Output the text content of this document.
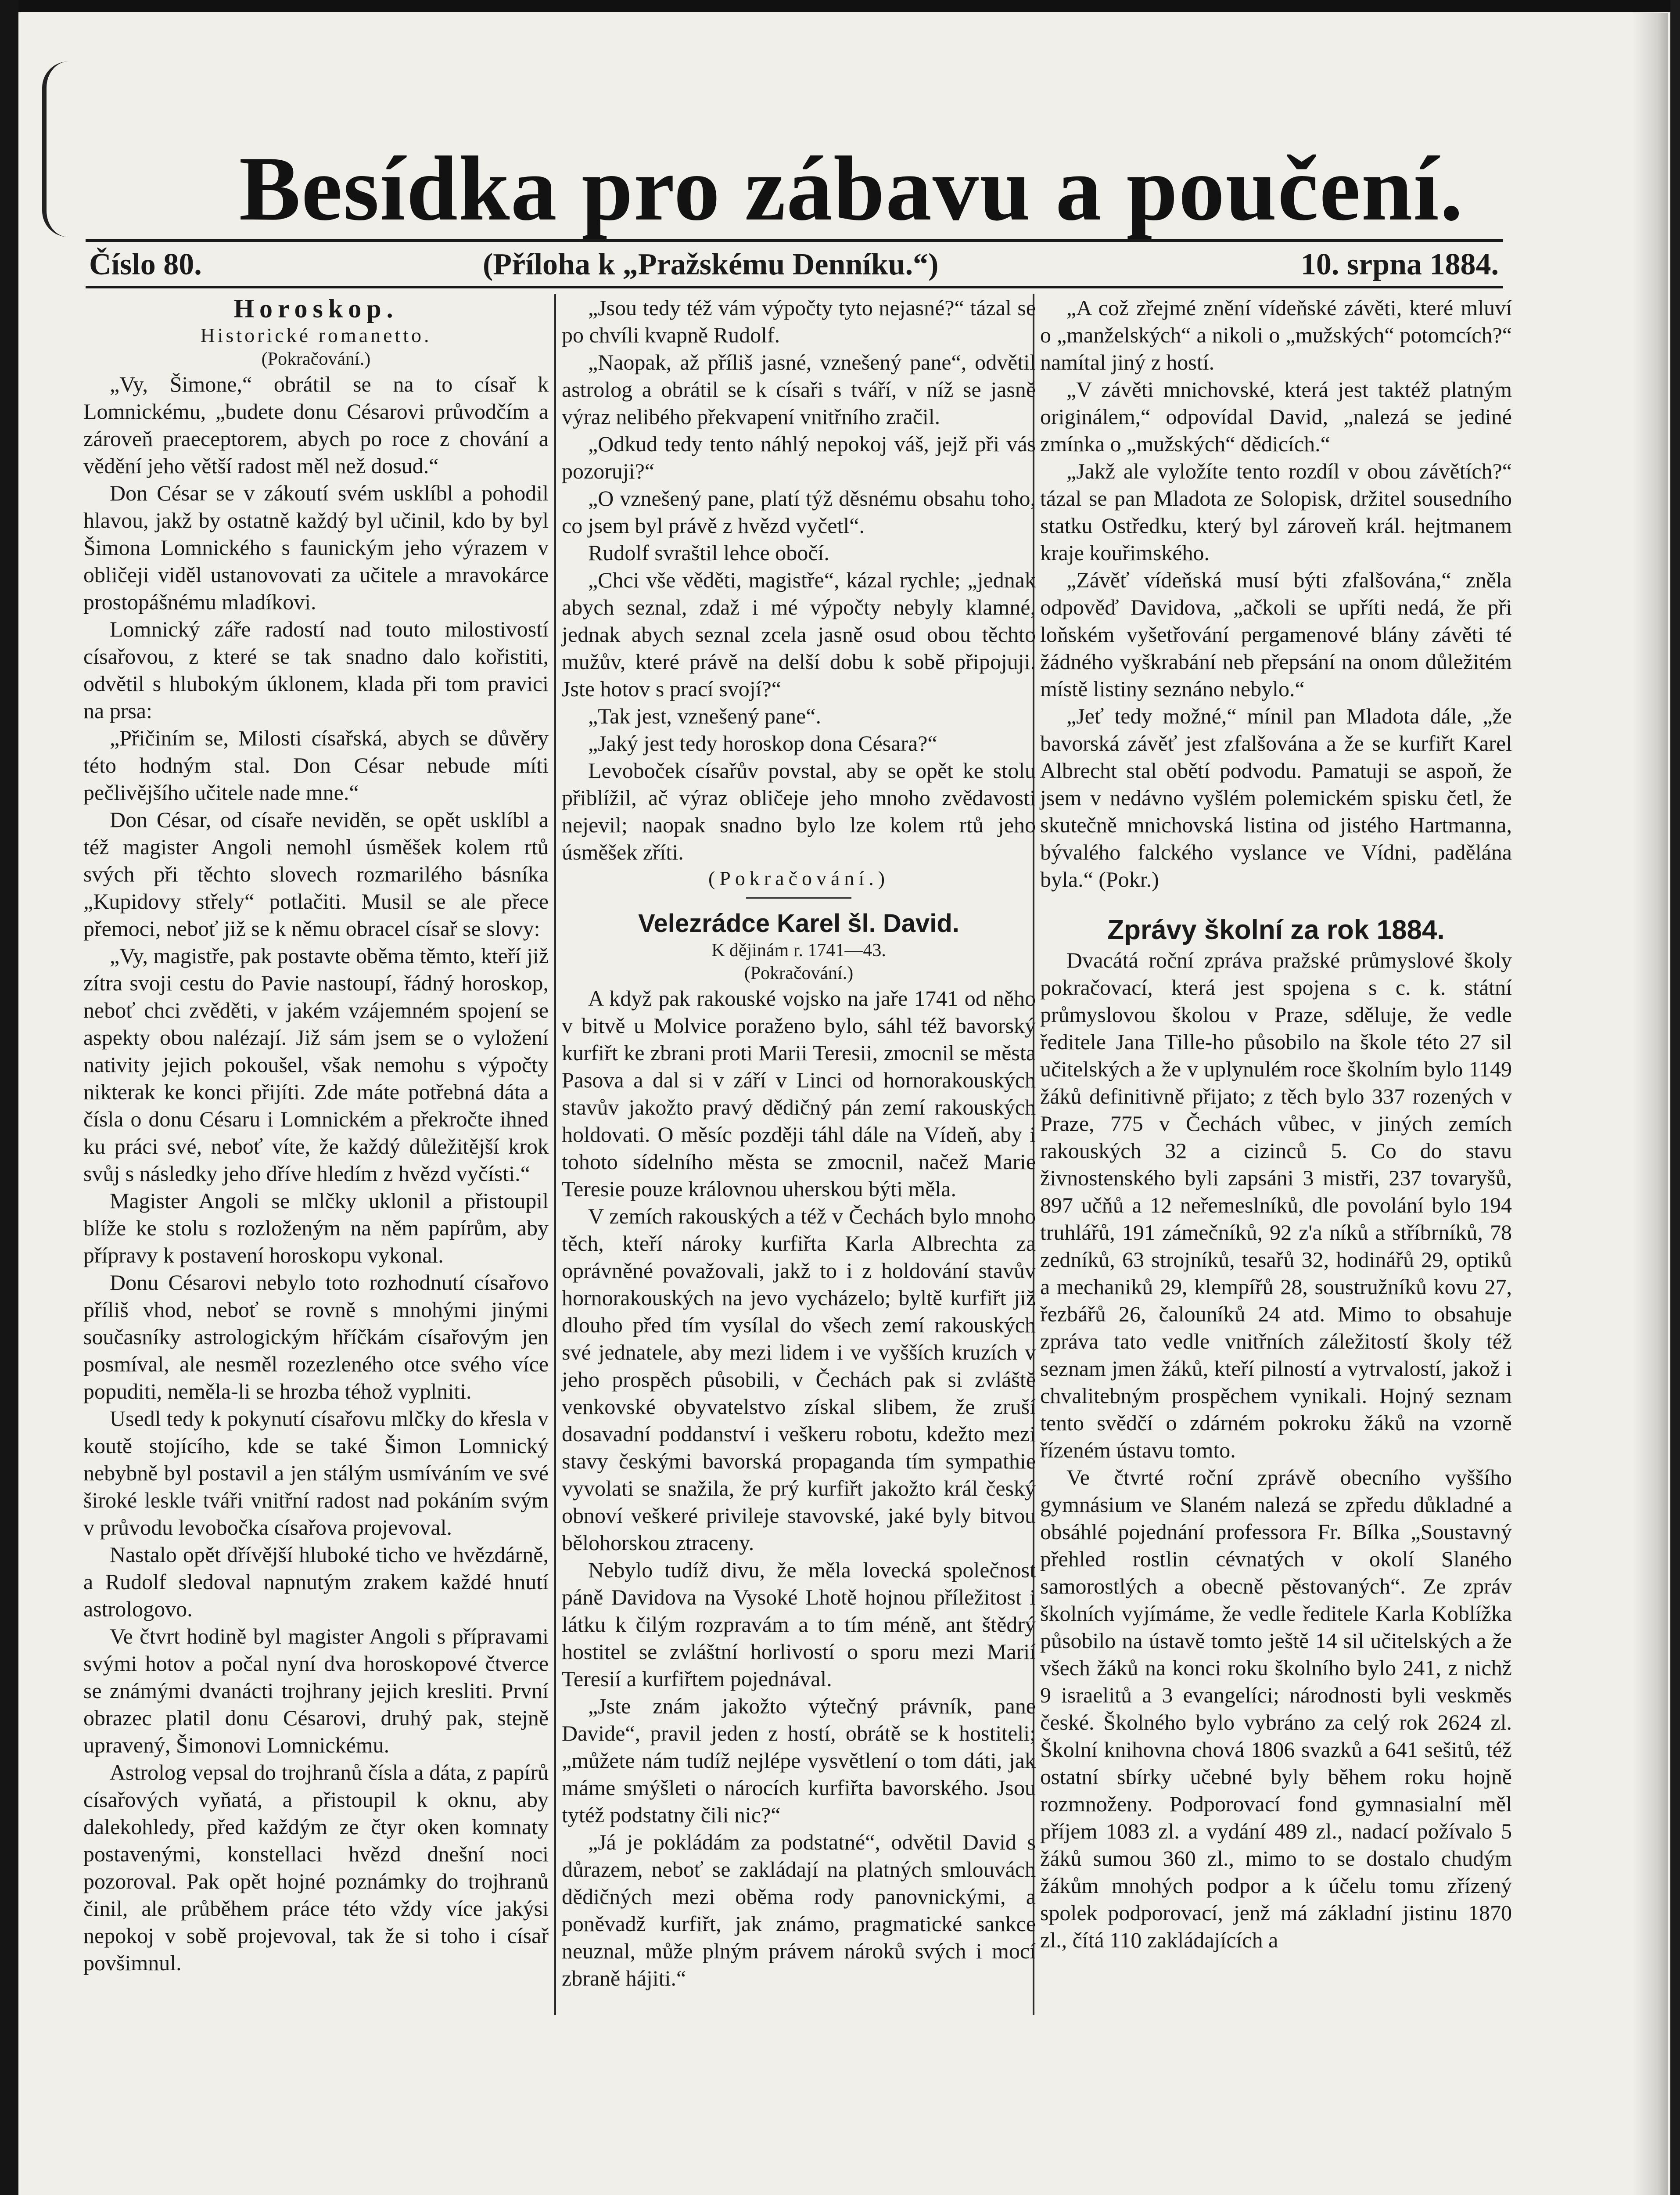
Besídka pro zábavu a poučení.
Číslo 80.	(Příloha k „Pražskému Denníku.“)	10. srpna 1884.
Horoskop.
Historické romanetto.
(Pokračování.)

„Vy, Šimone,“ obrátil se na to císař k Lomnickému, „budete donu Césarovi průvodčím a zároveň praeceptorem, abych po roce z chování a vědění jeho větší radost měl než dosud.“

Don César se v zákoutí svém usklíbl a pohodil hlavou, jakž by ostatně každý byl učinil, kdo by byl Šimona Lomnického s faunickým jeho výrazem v obličeji viděl ustanovovati za učitele a mravokárce prostopášnému mladíkovi.

Lomnický záře radostí nad touto milostivostí císařovou, z které se tak snadno dalo kořistiti, odvětil s hlubokým úklonem, klada při tom pravici na prsa:

„Přičiním se, Milosti císařská, abych se důvěry této hodným stal. Don César nebude míti pečlivějšího učitele nade mne.“

Don César, od císaře neviděn, se opět usklíbl a též magister Angoli nemohl úsměšek kolem rtů svých při těchto slovech rozmarilého básníka „Kupidovy střely“ potlačiti. Musil se ale přece přemoci, neboť již se k němu obracel císař se slovy:

„Vy, magistře, pak postavte oběma těmto, kteří již zítra svoji cestu do Pavie nastoupí, řádný horoskop, neboť chci zvěděti, v jakém vzájemném spojení se aspekty obou nalézají. Již sám jsem se o vyložení nativity jejich pokoušel, však nemohu s výpočty nikterak ke konci přijíti. Zde máte potřebná dáta a čísla o donu Césaru i Lomnickém a překročte ihned ku práci své, neboť víte, že každý důležitější krok svůj s následky jeho dříve hledím z hvězd vyčísti.“

Magister Angoli se mlčky uklonil a přistoupil blíže ke stolu s rozloženým na něm papírům, aby přípravy k postavení horoskopu vykonal.

Donu Césarovi nebylo toto rozhodnutí císařovo příliš vhod, neboť se rovně s mnohými jinými současníky astrologickým hříčkám císařovým jen posmíval, ale nesměl rozezleného otce svého více popuditi, neměla-li se hrozba téhož vyplniti.

Usedl tedy k pokynutí císařovu mlčky do křesla v koutě stojícího, kde se také Šimon Lomnický nebybně byl postavil a jen stálým usmíváním ve své široké leskle tváři vnitřní radost nad pokáním svým v průvodu levobočka císařova projevoval.

Nastalo opět dřívější hluboké ticho ve hvězdárně, a Rudolf sledoval napnutým zrakem každé hnutí astrologovo.

Ve čtvrt hodině byl magister Angoli s přípravami svými hotov a počal nyní dva horoskopové čtverce se známými dvanácti trojhrany jejich kresliti. První obrazec platil donu Césarovi, druhý pak, stejně upravený, Šimonovi Lomnickému.

Astrolog vepsal do trojhranů čísla a dáta, z papírů císařových vyňatá, a přistoupil k oknu, aby dalekohledy, před každým ze čtyr oken komnaty postavenými, konstellaci hvězd dnešní noci pozoroval. Pak opět hojné poznámky do trojhranů činil, ale průběhem práce této vždy více jakýsi nepokoj v sobě projevoval, tak že si toho i císař povšimnul.

„Jsou tedy též vám výpočty tyto nejasné?“ tázal se po chvíli kvapně Rudolf.

„Naopak, až příliš jasné, vznešený pane“, odvětil astrolog a obrátil se k císaři s tváří, v níž se jasně výraz nelibého překvapení vnitřního zračil.

„Odkud tedy tento náhlý nepokoj váš, jejž při vás pozoruji?“

„O vznešený pane, platí týž děsnému obsahu toho, co jsem byl právě z hvězd vyčetl“.

Rudolf svraštil lehce obočí.

„Chci vše věděti, magistře“, kázal rychle; „jednak abych seznal, zdaž i mé výpočty nebyly klamné, jednak abych seznal zcela jasně osud obou těchto mužův, které právě na delší dobu k sobě připojuji. Jste hotov s prací svojí?“

„Tak jest, vznešený pane“.

„Jaký jest tedy horoskop dona Césara?“

Levoboček císařův povstal, aby se opět ke stolu přiblížil, ač výraz obličeje jeho mnoho zvědavosti nejevil; naopak snadno bylo lze kolem rtů jeho úsměšek zříti.

(Pokračování.)
Velezrádce Karel šl. David.
K dějinám r. 1741—43.
(Pokračování.)

A když pak rakouské vojsko na jaře 1741 od něho v bitvě u Molvice poraženo bylo, sáhl též bavorský kurfiřt ke zbrani proti Marii Teresii, zmocnil se města Pasova a dal si v září v Linci od hornorakouských stavův jakožto pravý dědičný pán zemí rakouských holdovati. O měsíc později táhl dále na Vídeň, aby i tohoto sídelního města se zmocnil, načež Marie Teresie pouze královnou uherskou býti měla.

V zemích rakouských a též v Čechách bylo mnoho těch, kteří nároky kurfiřta Karla Albrechta za oprávněné považovali, jakž to i z holdování stavův hornorakouských na jevo vycházelo; byltě kurfiřt již dlouho před tím vysílal do všech zemí rakouských své jednatele, aby mezi lidem i ve vyšších kruzích v jeho prospěch působili, v Čechách pak si zvláště venkovské obyvatelstvo získal slibem, že zruší dosavadní poddanství i veškeru robotu, kdežto mezi stavy českými bavorská propaganda tím sympathie vyvolati se snažila, že prý kurfiřt jakožto král český obnoví veškeré privileje stavovské, jaké byly bitvou bělohorskou ztraceny.

Nebylo tudíž divu, že měla lovecká společnost páně Davidova na Vysoké Lhotě hojnou příležitost i látku k čilým rozpravám a to tím méně, ant štědrý hostitel se zvláštní horlivostí o sporu mezi Marií Teresií a kurfiřtem pojednával.

„Jste znám jakožto výtečný právník, pane Davide“, pravil jeden z hostí, obrátě se k hostiteli; „můžete nám tudíž nejlépe vysvětlení o tom dáti, jak máme smýšleti o nárocích kurfiřta bavorského. Jsou tytéž podstatny čili nic?“

„Já je pokládám za podstatné“, odvětil David s důrazem, neboť se zakládají na platných smlouvách dědičných mezi oběma rody panovnickými, a poněvadž kurfiřt, jak známo, pragmatické sankce neuznal, může plným právem nároků svých i mocí zbraně hájiti.“

„A což zřejmé znění vídeňské závěti, které mluví o „manželských“ a nikoli o „mužských“ potomcích?“ namítal jiný z hostí.

„V závěti mnichovské, která jest taktéž platným originálem,“ odpovídal David, „nalezá se jediné zmínka o „mužských“ dědicích.“

„Jakž ale vyložíte tento rozdíl v obou závětích?“ tázal se pan Mladota ze Solopisk, držitel sousedního statku Ostředku, který byl zároveň král. hejtmanem kraje kouřimského.

„Závěť vídeňská musí býti zfalšována,“ zněla odpověď Davidova, „ačkoli se upříti nedá, že při loňském vyšetřování pergamenové blány závěti té žádného vyškrabání neb přepsání na onom důležitém místě listiny seznáno nebylo.“

„Jeť tedy možné,“ mínil pan Mladota dále, „že bavorská závěť jest zfalšována a že se kurfiřt Karel Albrecht stal obětí podvodu. Pamatuji se aspoň, že jsem v nedávno vyšlém polemickém spisku četl, že skutečně mnichovská listina od jistého Hartmanna, bývalého falckého vyslance ve Vídni, padělána byla.“ (Pokr.)

Zprávy školní za rok 1884.

Dvacátá roční zpráva pražské průmyslové školy pokračovací, která jest spojena s c. k. státní průmyslovou školou v Praze, sděluje, že vedle ředitele Jana Tille-ho působilo na škole této 27 sil učitelských a že v uplynulém roce školním bylo 1149 žáků definitivně přijato; z těch bylo 337 rozených v Praze, 775 v Čechách vůbec, v jiných zemích rakouských 32 a cizinců 5. Co do stavu živnostenského byli zapsáni 3 mistři, 237 tovaryšů, 897 učňů a 12 neřemeslníků, dle povolání bylo 194 truhlářů, 191 zámečníků, 92 z'a níků a stříbrníků, 78 zedníků, 63 strojníků, tesařů 32, hodinářů 29, optiků a mechaniků 29, klempířů 28, soustružníků kovu 27, řezbářů 26, čalouníků 24 atd. Mimo to obsahuje zpráva tato vedle vnitřních záležitostí školy též seznam jmen žáků, kteří pilností a vytrvalostí, jakož i chvalitebným prospěchem vynikali. Hojný seznam tento svědčí o zdárném pokroku žáků na vzorně řízeném ústavu tomto.

Ve čtvrté roční zprávě obecního vyššího gymnásium ve Slaném nalezá se zpředu důkladné a obsáhlé pojednání professora Fr. Bílka „Soustavný přehled rostlin cévnatých v okolí Slaného samorostlých a obecně pěstovaných“. Ze zpráv školních vyjímáme, že vedle ředitele Karla Koblížka působilo na ústavě tomto ještě 14 sil učitelských a že všech žáků na konci roku školního bylo 241, z nichž 9 israelitů a 3 evangelíci; národnosti byli veskměs české. Školného bylo vybráno za celý rok 2624 zl. Školní knihovna chová 1806 svazků a 641 sešitů, též ostatní sbírky učebné byly během roku hojně rozmnoženy. Podporovací fond gymnasialní měl příjem 1083 zl. a vydání 489 zl., nadací požívalo 5 žáků sumou 360 zl., mimo to se dostalo chudým žákům mnohých podpor a k účelu tomu zřízený spolek podporovací, jenž má základní jistinu 1870 zl., čítá 110 zakládajících a
